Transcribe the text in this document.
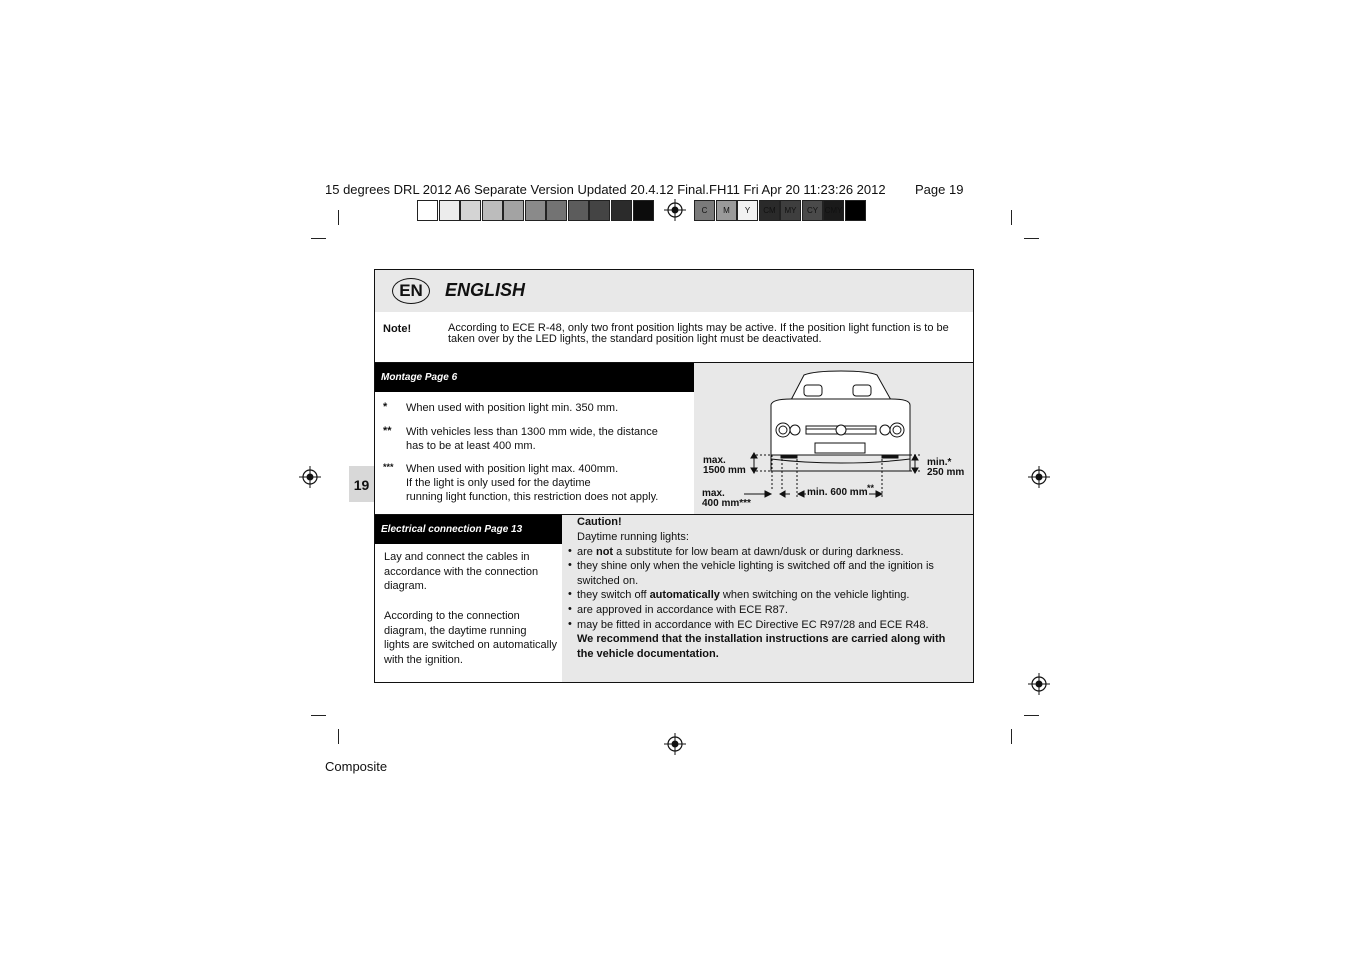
15 degrees DRL 2012 A6 Separate Version Updated 20.4.12 Final.FH11 Fri Apr 20 11:23:26 2012 Page 19
C	M	Y	CM	MY	CY CMY
19
EN	ENGLISH
Note!	According to ECE R-48, only two front position lights may be active. If the position light function is to be taken over by the LED lights, the standard position light must be deactivated.
Montage Page 6
* When used with position light min. 350 mm.
** With vehicles less than 1300 mm wide, the distance
has to be at least 400 mm.
*** When used with position light max. 400mm.
If the light is only used for the daytime
running light function, this restriction does not apply.
max.
1500 mm
min.*
250 mm
max.
400 mm***
min. 600 mm **
Electrical connection Page 13
Lay and connect the cables in
accordance with the connection
diagram.
According to the connection
diagram, the daytime running
lights are switched on automatically
with the ignition.
Caution!
Daytime running lights:
• are not a substitute for low beam at dawn/dusk or during darkness.
• they shine only when the vehicle lighting is switched off and the ignition is
switched on.
• they switch off automatically when switching on the vehicle lighting.
• are approved in accordance with ECE R87.
• may be fitted in accordance with EC Directive EC R97/28 and ECE R48.
We recommend that the installation instructions are carried along with
the vehicle documentation.
Composite
